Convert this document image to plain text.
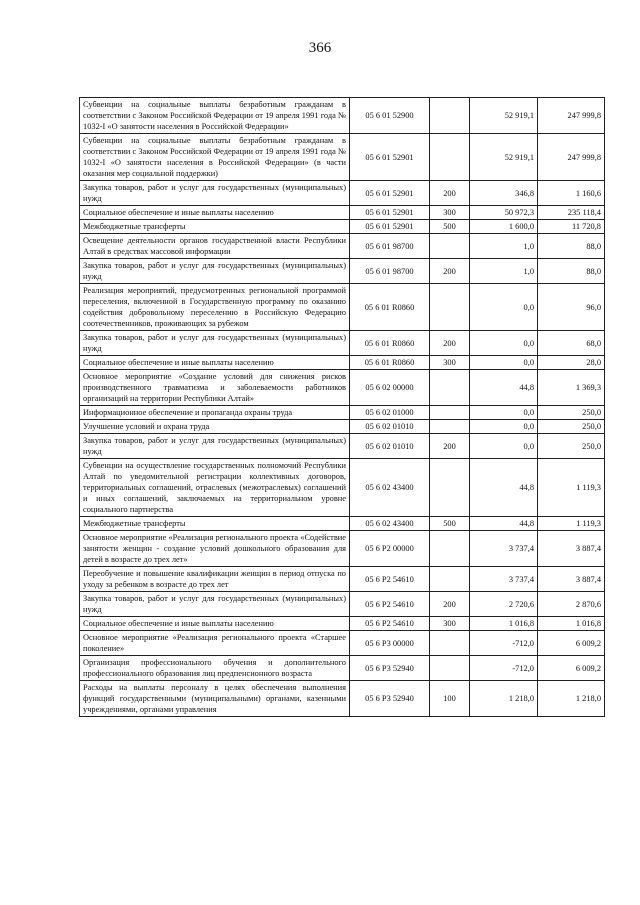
366
Субвенции на социальные выплаты безработным гражданам в соответствии с Законом Российской Федерации от 19 апреля 1991 года № 1032-I «О занятости населения в Российской Федерации»	05 6 01 52900		52 919,1	247 999,8
Субвенции на социальные выплаты безработным гражданам в соответствии с Законом Российской Федерации от 19 апреля 1991 года № 1032-I «О занятости населения в Российской Федерации» (в части оказания мер социальной поддержки)	05 6 01 52901		52 919,1	247 999,8
Закупка товаров, работ и услуг для государственных (муниципальных) нужд	05 6 01 52901	200	346,8	1 160,6
Социальное обеспечение и иные выплаты населению	05 6 01 52901	300	50 972,3	235 118,4
Межбюджетные трансферты	05 6 01 52901	500	1 600,0	11 720,8
Освещение деятельности органов государственной власти Республики Алтай в средствах массовой информации	05 6 01 98700		1,0	88,0
Закупка товаров, работ и услуг для государственных (муниципальных) нужд	05 6 01 98700	200	1,0	88,0
Реализация мероприятий, предусмотренных региональной программой переселения, включенной в Государственную программу по оказанию содействия добровольному переселению в Российскую Федерацию соотечественников, проживающих за рубежом	05 6 01 R0860		0,0	96,0
Закупка товаров, работ и услуг для государственных (муниципальных) нужд	05 6 01 R0860	200	0,0	68,0
Социальное обеспечение и иные выплаты населению	05 6 01 R0860	300	0,0	28,0
Основное мероприятие «Создание условий для снижения рисков производственного травматизма и заболеваемости работников организаций на территории Республики Алтай»	05 6 02 00000		44,8	1 369,3
Информационное обеспечение и пропаганда охраны труда	05 6 02 01000		0,0	250,0
Улучшение условий и охрана труда	05 6 02 01010		0,0	250,0
Закупка товаров, работ и услуг для государственных (муниципальных) нужд	05 6 02 01010	200	0,0	250,0
Субвенции на осуществление государственных полномочий Республики Алтай по уведомительной регистрации коллективных договоров, территориальных соглашений, отраслевых (межотраслевых) соглашений и иных соглашений, заключаемых на территориальном уровне социального партнерства	05 6 02 43400		44,8	1 119,3
Межбюджетные трансферты	05 6 02 43400	500	44,8	1 119,3
Основное мероприятие «Реализация регионального проекта «Содействие занятости женщин - создание условий дошкольного образования для детей в возрасте до трех лет»	05 6 P2 00000		3 737,4	3 887,4
Переобучение и повышение квалификации женщин в период отпуска по уходу за ребенком в возрасте до трех лет	05 6 P2 54610		3 737,4	3 887,4
Закупка товаров, работ и услуг для государственных (муниципальных) нужд	05 6 P2 54610	200	2 720,6	2 870,6
Социальное обеспечение и иные выплаты населению	05 6 P2 54610	300	1 016,8	1 016,8
Основное мероприятие «Реализация регионального проекта «Старшее поколение»	05 6 P3 00000		-712,0	6 009,2
Организация профессионального обучения и дополнительного профессионального образования лиц предпенсионного возраста	05 6 P3 52940		-712,0	6 009,2
Расходы на выплаты персоналу в целях обеспечения выполнения функций государственными (муниципальными) органами, казенными учреждениями, органами управления	05 6 P3 52940	100	1 218,0	1 218,0
